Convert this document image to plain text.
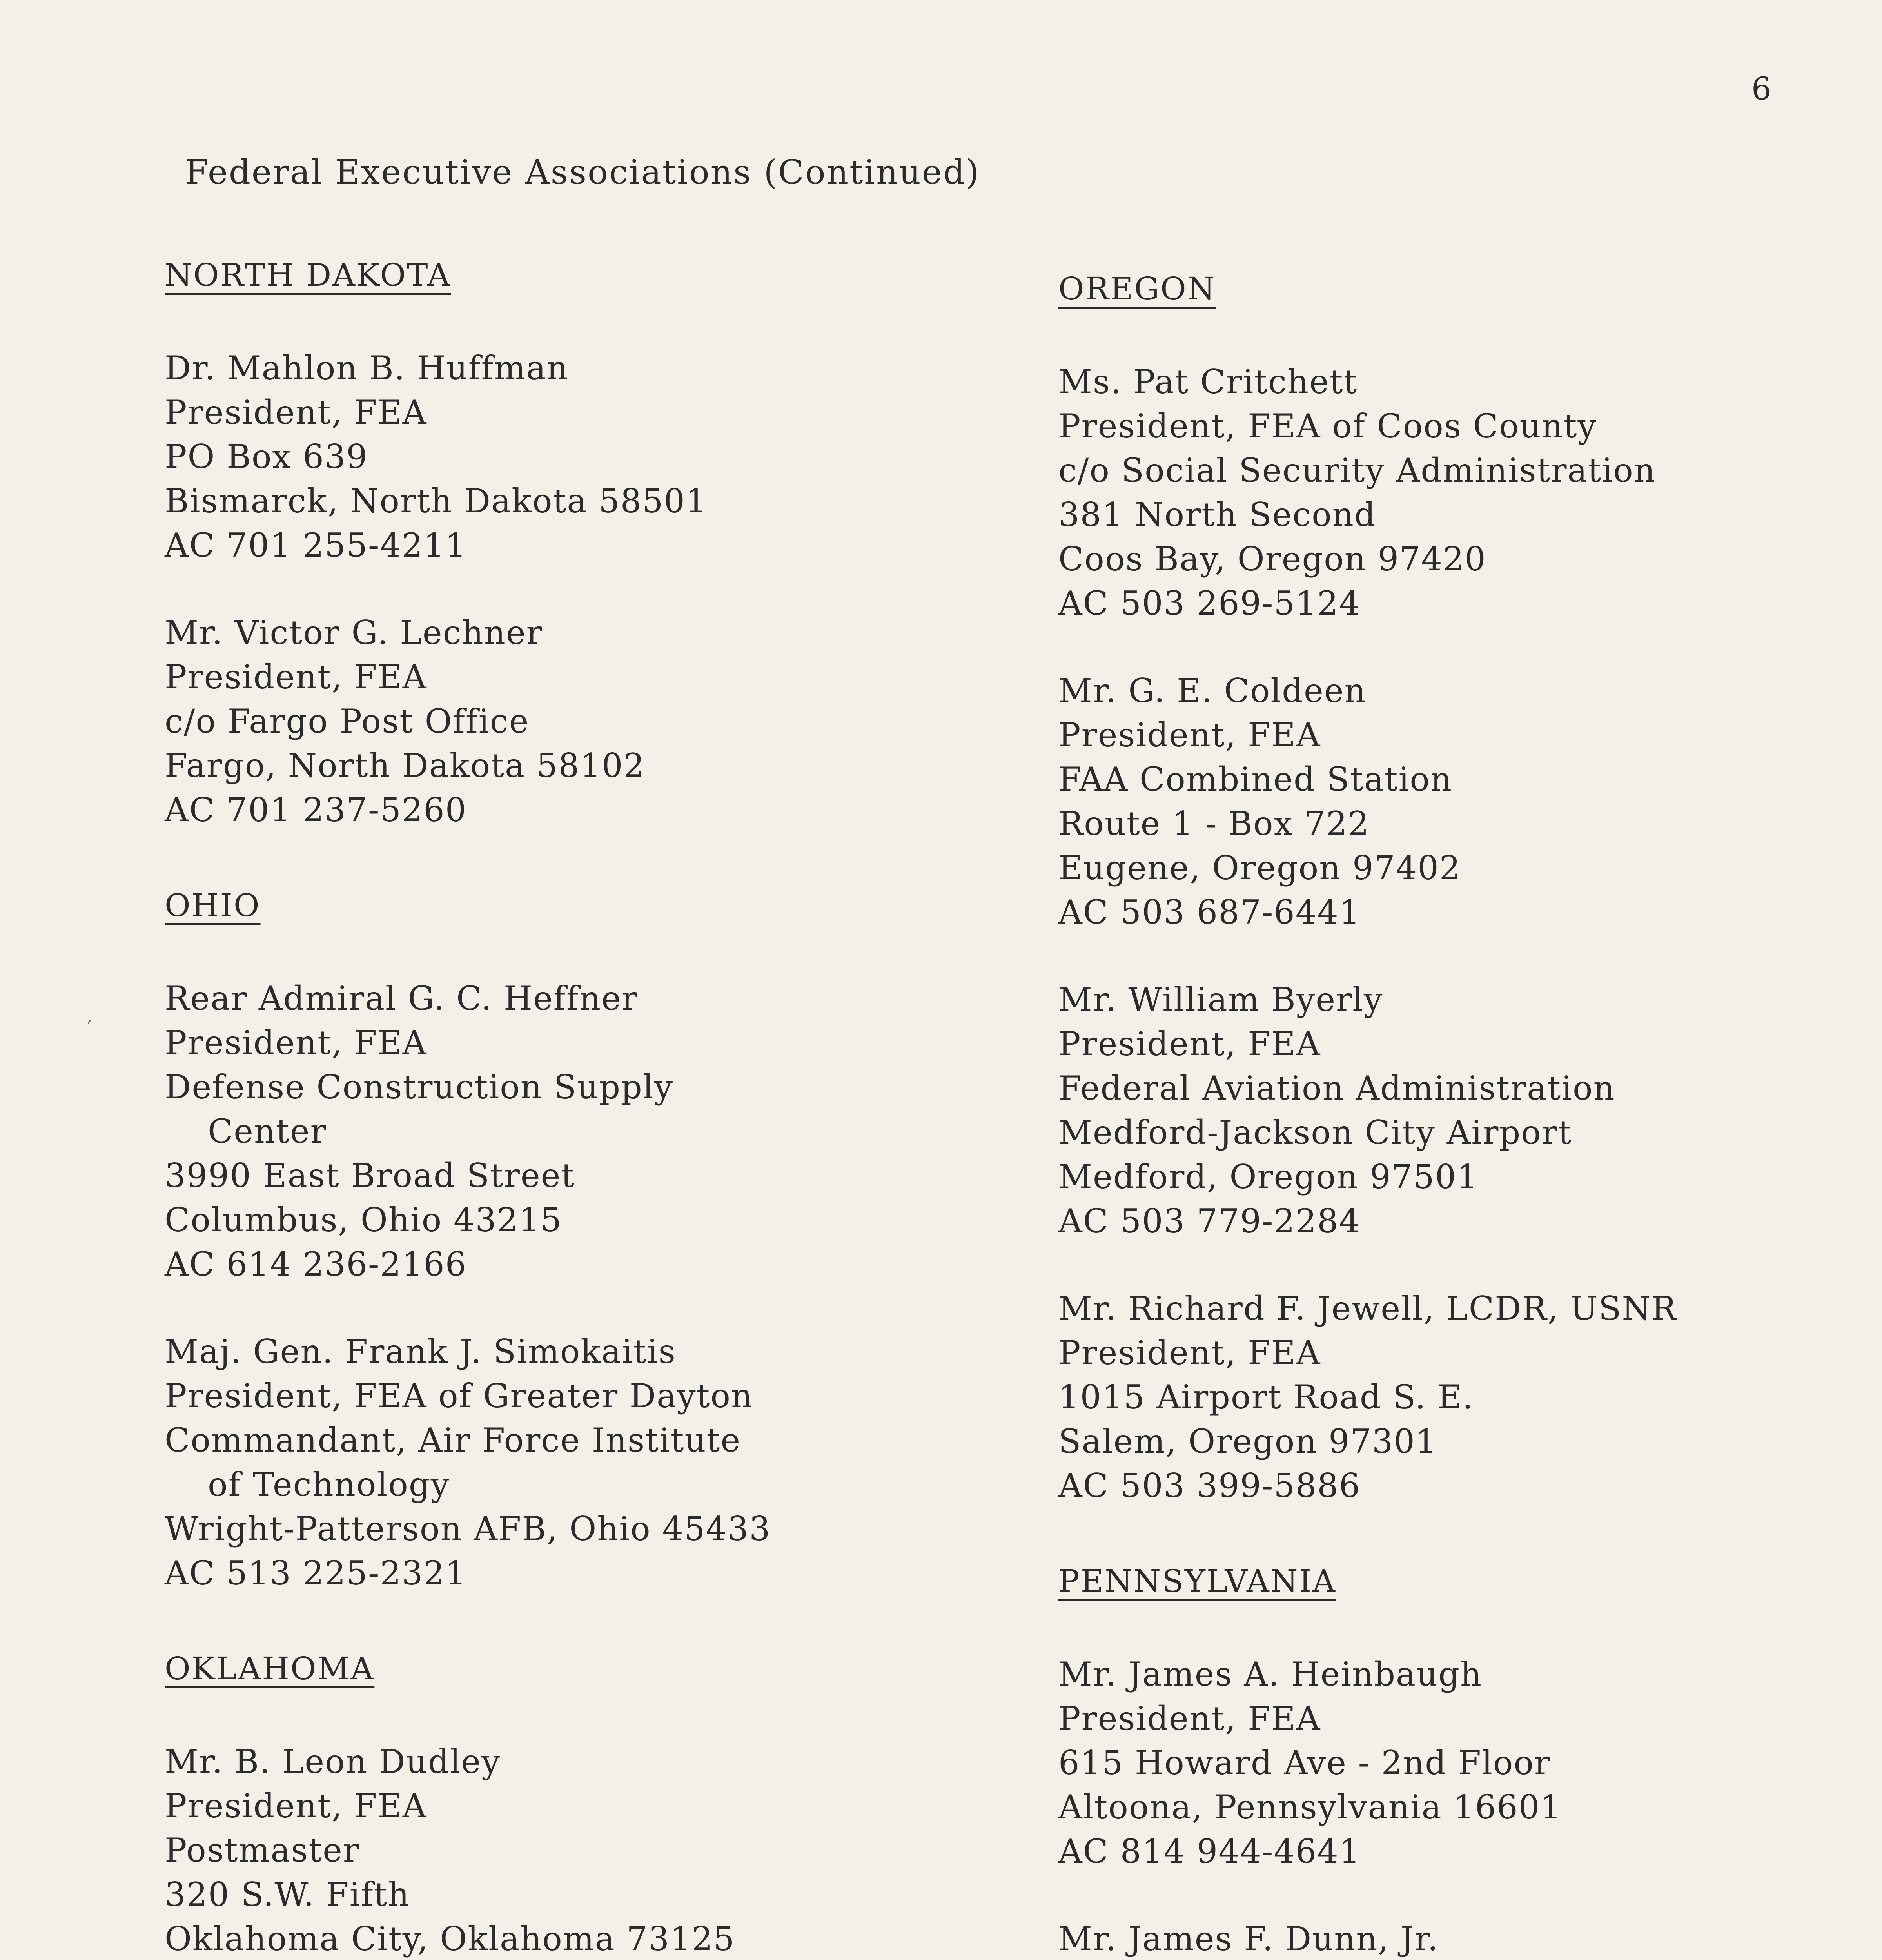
6
Federal Executive Associations (Continued)
NORTH DAKOTA
Dr. Mahlon B. Huffman
President, FEA
PO Box 639
Bismarck, North Dakota 58501
AC 701 255-4211
Mr. Victor G. Lechner
President, FEA
c/o Fargo Post Office
Fargo, North Dakota 58102
AC 701 237-5260
OHIO
Rear Admiral G. C. Heffner
President, FEA
Defense Construction Supply
Center
3990 East Broad Street
Columbus, Ohio 43215
AC 614 236-2166
Maj. Gen. Frank J. Simokaitis
President, FEA of Greater Dayton
Commandant, Air Force Institute
of Technology
Wright-Patterson AFB, Ohio 45433
AC 513 225-2321
OKLAHOMA
Mr. B. Leon Dudley
President, FEA
Postmaster
320 S.W. Fifth
Oklahoma City, Oklahoma 73125
OREGON
Ms. Pat Critchett
President, FEA of Coos County
c/o Social Security Administration
381 North Second
Coos Bay, Oregon 97420
AC 503 269-5124
Mr. G. E. Coldeen
President, FEA
FAA Combined Station
Route 1 - Box 722
Eugene, Oregon 97402
AC 503 687-6441
Mr. William Byerly
President, FEA
Federal Aviation Administration
Medford-Jackson City Airport
Medford, Oregon 97501
AC 503 779-2284
Mr. Richard F. Jewell, LCDR, USNR
President, FEA
1015 Airport Road S. E.
Salem, Oregon 97301
AC 503 399-5886
PENNSYLVANIA
Mr. James A. Heinbaugh
President, FEA
615 Howard Ave - 2nd Floor
Altoona, Pennsylvania 16601
AC 814 944-4641
Mr. James F. Dunn, Jr.
′
